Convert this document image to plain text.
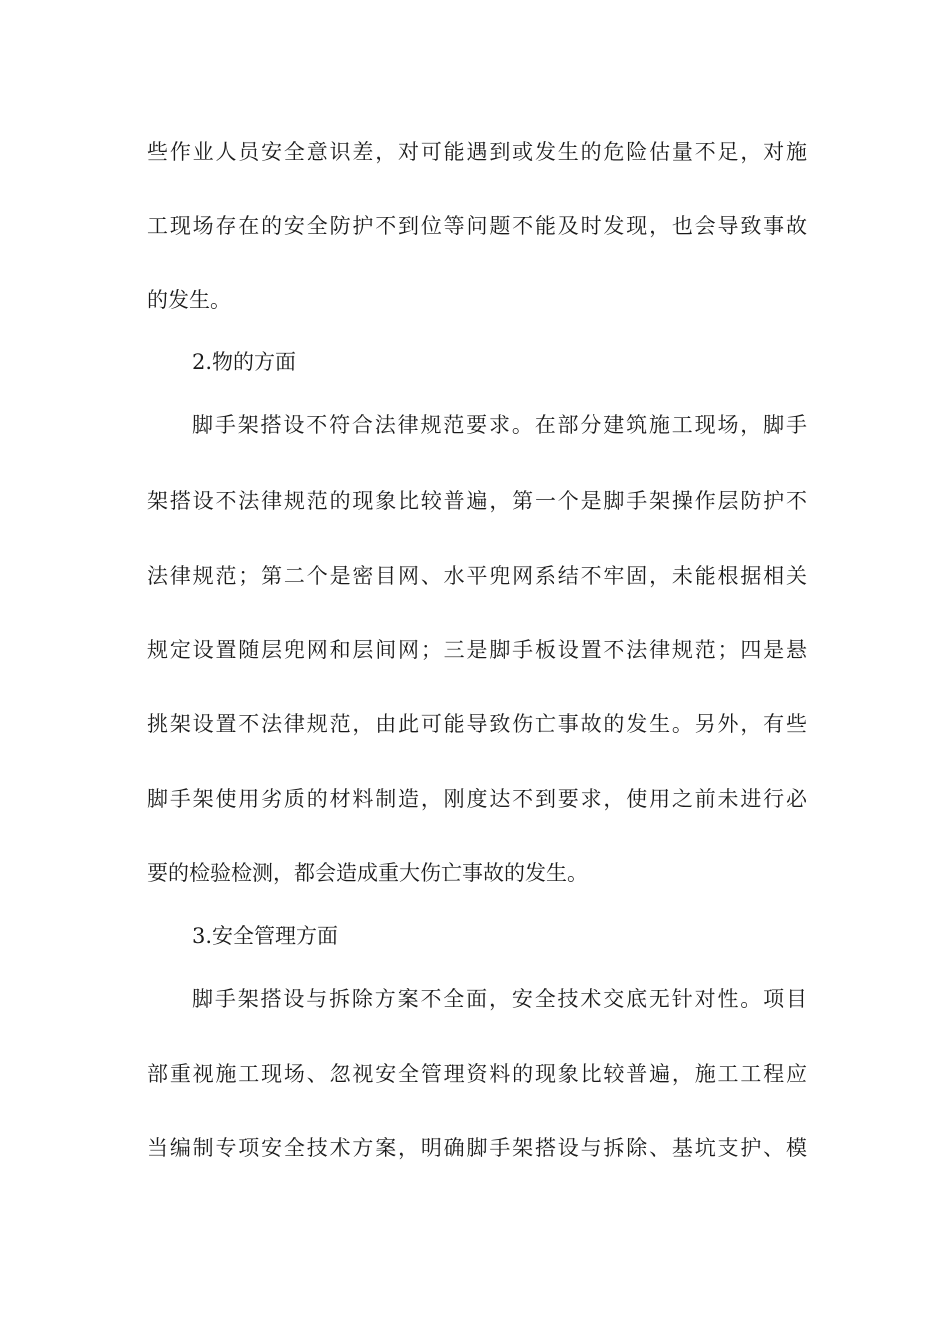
些作业人员安全意识差，对可能遇到或发生的危险估量不足，对施
工现场存在的安全防护不到位等问题不能及时发现，也会导致事故
的发生。
2.物的方面
脚手架搭设不符合法律规范要求。在部分建筑施工现场，脚手
架搭设不法律规范的现象比较普遍，第一个是脚手架操作层防护不
法律规范；第二个是密目网、水平兜网系结不牢固，未能根据相关
规定设置随层兜网和层间网；三是脚手板设置不法律规范；四是悬
挑架设置不法律规范，由此可能导致伤亡事故的发生。另外，有些
脚手架使用劣质的材料制造，刚度达不到要求，使用之前未进行必
要的检验检测，都会造成重大伤亡事故的发生。
3.安全管理方面
脚手架搭设与拆除方案不全面，安全技术交底无针对性。项目
部重视施工现场、忽视安全管理资料的现象比较普遍，施工工程应
当编制专项安全技术方案，明确脚手架搭设与拆除、基坑支护、模
